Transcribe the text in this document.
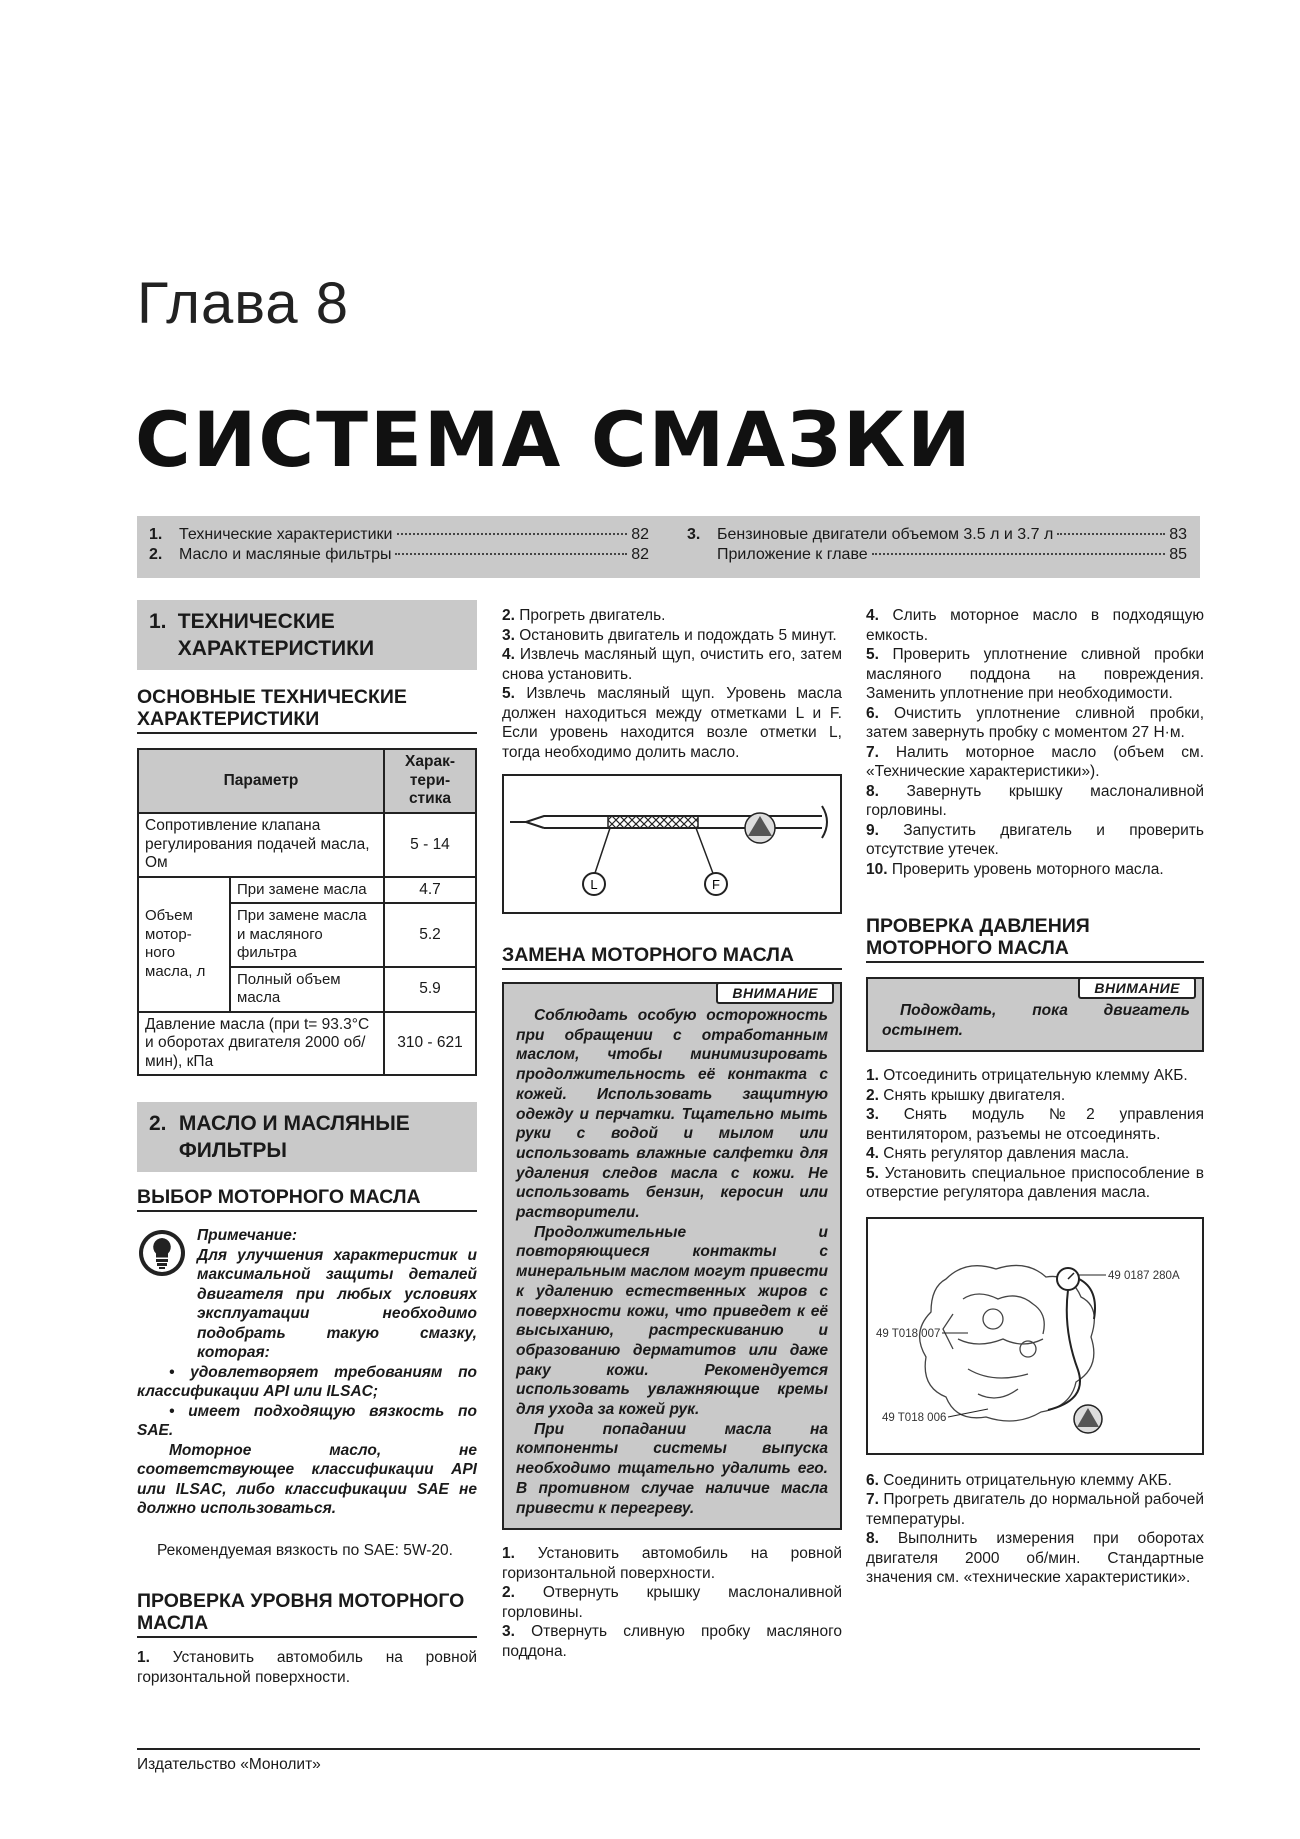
Глава 8
СИСТЕМА СМАЗКИ
1.	Технические характеристики	82
2.	Масло и масляные фильтры	82
3.	Бензиновые двигатели объемом 3.5 л и 3.7 л	83
Приложение к главе	85
1. ТЕХНИЧЕСКИЕ ХАРАКТЕРИСТИКИ
ОСНОВНЫЕ ТЕХНИЧЕСКИЕ ХАРАКТЕРИСТИКИ
Параметр		Харак-
тери-
стика
Сопротивление клапана регулирования подачей масла, Ом		5 - 14
Объем
мотор-
ного
масла, л	При замене масла	4.7
	При замене масла и масляного фильтра	5.2
	Полный объем масла	5.9
Давление масла (при t= 93.3°С и оборотах двигателя 2000 об/мин), кПа		310 - 621
2. МАСЛО И МАСЛЯНЫЕ ФИЛЬТРЫ
ВЫБОР МОТОРНОГО МАСЛА
Примечание:
Для улучшения характеристик и максимальной защиты деталей двигателя при любых условиях эксплуатации необходимо подобрать такую смазку, которая:
• удовлетворяет требованиям по классификации API или ILSAC;
• имеет подходящую вязкость по SAE.
Моторное масло, не соответствующее классификации API или ILSAC, либо классификации SAE не должно использоваться.

Рекомендуемая вязкость по SAE: 5W-20.

ПРОВЕРКА УРОВНЯ МОТОРНОГО МАСЛА

1. Установить автомобиль на ровной горизонтальной поверхности.

2. Прогреть двигатель.

3. Остановить двигатель и подождать 5 минут.

4. Извлечь масляный щуп, очистить его, затем снова установить.

5. Извлечь масляный щуп. Уровень масла должен находиться между отметками L и F. Если уровень находится возле отметки L, тогда необходимо долить масло.

L	F
ЗАМЕНА МОТОРНОГО МАСЛА
ВНИМАНИЕ

Соблюдать особую осторожность при обращении с отработанным маслом, чтобы минимизировать продолжительность её контакта с кожей. Использовать защитную одежду и перчатки. Тщательно мыть руки с водой и мылом или использовать влажные салфетки для удаления следов масла с кожи. Не использовать бензин, керосин или растворители.

Продолжительные и повторяющиеся контакты с минеральным маслом могут привести к удалению естественных жиров с поверхности кожи, что приведет к её высыханию, растрескиванию и образованию дерматитов или даже раку кожи. Рекомендуется использовать увлажняющие кремы для ухода за кожей рук.

При попадании масла на компоненты системы выпуска необходимо тщательно удалить его. В противном случае наличие масла привести к перегреву.

1. Установить автомобиль на ровной горизонтальной поверхности.

2. Отвернуть крышку маслоналивной горловины.

3. Отвернуть сливную пробку масляного поддона.

4. Слить моторное масло в подходящую емкость.

5. Проверить уплотнение сливной пробки масляного поддона на повреждения. Заменить уплотнение при необходимости.

6. Очистить уплотнение сливной пробки, затем завернуть пробку с моментом 27 Н·м.

7. Налить моторное масло (объем см. «Технические характеристики»).

8. Завернуть крышку маслоналивной горловины.

9. Запустить двигатель и проверить отсутствие утечек.

10. Проверить уровень моторного масла.

ПРОВЕРКА ДАВЛЕНИЯ МОТОРНОГО МАСЛА
ВНИМАНИЕ

Подождать, пока двигатель остынет.

1. Отсоединить отрицательную клемму АКБ.

2. Снять крышку двигателя.

3. Снять модуль №2 управления вентилятором, разъемы не отсоединять.

4. Снять регулятор давления масла.

5. Установить специальное приспособление в отверстие регулятора давления масла.

49 0187 280A
49 T018 007
49 T018 006

6. Соединить отрицательную клемму АКБ.

7. Прогреть двигатель до нормальной рабочей температуры.

8. Выполнить измерения при оборотах двигателя 2000 об/мин. Стандартные значения см. «технические характеристики».

Издательство «Монолит»
